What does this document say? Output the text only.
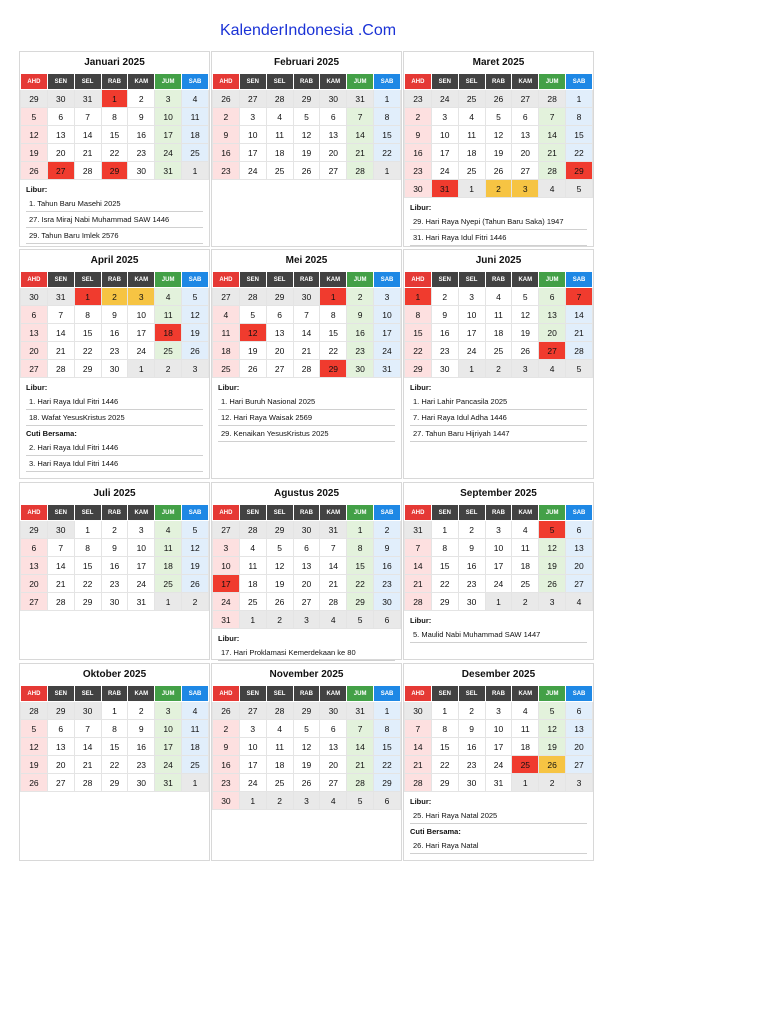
KalenderIndonesia .Com
Januari 2025
AHD	SEN	SEL	RAB	KAM	JUM	SAB
29	30	31	1	2	3	4
5	6	7	8	9	10	11
12	13	14	15	16	17	18
19	20	21	22	23	24	25
26	27	28	29	30	31	1
Libur:
1. Tahun Baru Masehi 2025
27. Isra Miraj Nabi Muhammad SAW 1446
29. Tahun Baru Imlek 2576
Februari 2025
AHD	SEN	SEL	RAB	KAM	JUM	SAB
26	27	28	29	30	31	1
2	3	4	5	6	7	8
9	10	11	12	13	14	15
16	17	18	19	20	21	22
23	24	25	26	27	28	1
Maret 2025
AHD	SEN	SEL	RAB	KAM	JUM	SAB
23	24	25	26	27	28	1
2	3	4	5	6	7	8
9	10	11	12	13	14	15
16	17	18	19	20	21	22
23	24	25	26	27	28	29
30	31	1	2	3	4	5
Libur:
29. Hari Raya Nyepi (Tahun Baru Saka) 1947
31. Hari Raya Idul Fitri 1446
April 2025
AHD	SEN	SEL	RAB	KAM	JUM	SAB
30	31	1	2	3	4	5
6	7	8	9	10	11	12
13	14	15	16	17	18	19
20	21	22	23	24	25	26
27	28	29	30	1	2	3
Libur:
1. Hari Raya Idul Fitri 1446
18. Wafat YesusKristus 2025
Cuti Bersama:
2. Hari Raya Idul Fitri 1446
3. Hari Raya Idul Fitri 1446
Mei 2025
AHD	SEN	SEL	RAB	KAM	JUM	SAB
27	28	29	30	1	2	3
4	5	6	7	8	9	10
11	12	13	14	15	16	17
18	19	20	21	22	23	24
25	26	27	28	29	30	31
Libur:
1. Hari Buruh Nasional 2025
12. Hari Raya Waisak 2569
29. Kenaikan YesusKristus 2025
Juni 2025
AHD	SEN	SEL	RAB	KAM	JUM	SAB
1	2	3	4	5	6	7
8	9	10	11	12	13	14
15	16	17	18	19	20	21
22	23	24	25	26	27	28
29	30	1	2	3	4	5
Libur:
1. Hari Lahir Pancasila 2025
7. Hari Raya Idul Adha 1446
27. Tahun Baru Hijriyah 1447
Juli 2025
AHD	SEN	SEL	RAB	KAM	JUM	SAB
29	30	1	2	3	4	5
6	7	8	9	10	11	12
13	14	15	16	17	18	19
20	21	22	23	24	25	26
27	28	29	30	31	1	2
Agustus 2025
AHD	SEN	SEL	RAB	KAM	JUM	SAB
27	28	29	30	31	1	2
3	4	5	6	7	8	9
10	11	12	13	14	15	16
17	18	19	20	21	22	23
24	25	26	27	28	29	30
31	1	2	3	4	5	6
Libur:
17. Hari Proklamasi Kemerdekaan ke 80
September 2025
AHD	SEN	SEL	RAB	KAM	JUM	SAB
31	1	2	3	4	5	6
7	8	9	10	11	12	13
14	15	16	17	18	19	20
21	22	23	24	25	26	27
28	29	30	1	2	3	4
Libur:
5. Maulid Nabi Muhammad SAW 1447
Oktober 2025
AHD	SEN	SEL	RAB	KAM	JUM	SAB
28	29	30	1	2	3	4
5	6	7	8	9	10	11
12	13	14	15	16	17	18
19	20	21	22	23	24	25
26	27	28	29	30	31	1
November 2025
AHD	SEN	SEL	RAB	KAM	JUM	SAB
26	27	28	29	30	31	1
2	3	4	5	6	7	8
9	10	11	12	13	14	15
16	17	18	19	20	21	22
23	24	25	26	27	28	29
30	1	2	3	4	5	6
Desember 2025
AHD	SEN	SEL	RAB	KAM	JUM	SAB
30	1	2	3	4	5	6
7	8	9	10	11	12	13
14	15	16	17	18	19	20
21	22	23	24	25	26	27
28	29	30	31	1	2	3
Libur:
25. Hari Raya Natal 2025
Cuti Bersama:
26. Hari Raya Natal
